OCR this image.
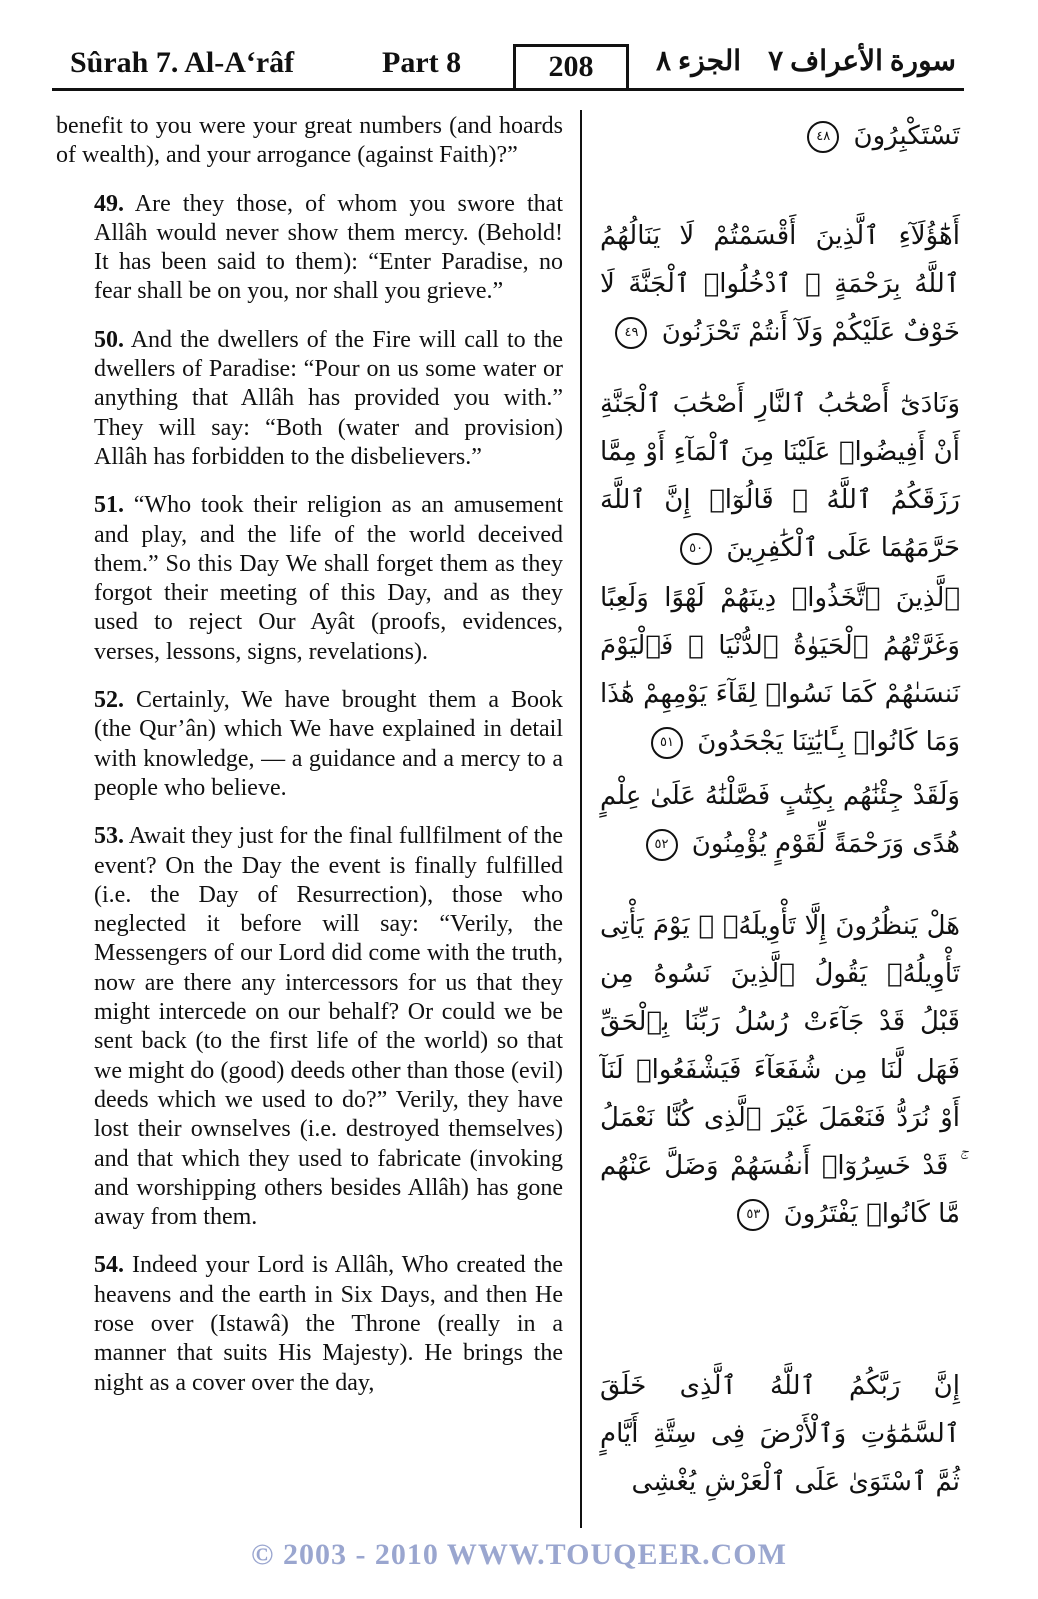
Sûrah 7. Al-A‘râf	Part 8	208	الجزء ٨ سورة الأعراف ٧

benefit to you were your great numbers (and hoards of wealth), and your arrogance (against Faith)?”

49. Are they those, of whom you swore that Allâh would never show them mercy. (Behold! It has been said to them): “Enter Paradise, no fear shall be on you, nor shall you grieve.”

50. And the dwellers of the Fire will call to the dwellers of Paradise: “Pour on us some water or anything that Allâh has provided you with.” They will say: “Both (water and provision) Allâh has forbidden to the disbelievers.”

51. “Who took their religion as an amusement and play, and the life of the world deceived them.” So this Day We shall forget them as they forgot their meeting of this Day, and as they used to reject Our Ayât (proofs, evidences, verses, lessons, signs, revelations).

52. Certainly, We have brought them a Book (the Qur’ân) which We have explained in detail with knowledge, — a guidance and a mercy to a people who believe.

53. Await they just for the final fullfilment of the event? On the Day the event is finally fulfilled (i.e. the Day of Resurrection), those who neglected it before will say: “Verily, the Messengers of our Lord did come with the truth, now are there any intercessors for us that they might intercede on our behalf? Or could we be sent back (to the first life of the world) so that we might do (good) deeds other than those (evil) deeds which we used to do?” Verily, they have lost their ownselves (i.e. destroyed themselves) and that which they used to fabricate (invoking and worshipping others besides Allâh) has gone away from them.

54. Indeed your Lord is Allâh, Who created the heavens and the earth in Six Days, and then He rose over (Istawâ) the Throne (really in a manner that suits His Majesty). He brings the night as a cover over the day,

تَسْتَكْبِرُونَ ٤٨
أَهَٰٓؤُلَآءِ ٱلَّذِينَ أَقْسَمْتُمْ لَا يَنَالُهُمُ ٱللَّهُ بِرَحْمَةٍ ۚ ٱدْخُلُوا۟ ٱلْجَنَّةَ لَا خَوْفٌ عَلَيْكُمْ وَلَآ أَنتُمْ تَحْزَنُونَ ٤٩
وَنَادَىٰٓ أَصْحَٰبُ ٱلنَّارِ أَصْحَٰبَ ٱلْجَنَّةِ أَنْ أَفِيضُوا۟ عَلَيْنَا مِنَ ٱلْمَآءِ أَوْ مِمَّا رَزَقَكُمُ ٱللَّهُ ۚ قَالُوٓا۟ إِنَّ ٱللَّهَ حَرَّمَهُمَا عَلَى ٱلْكَٰفِرِينَ ٥٠
ٱلَّذِينَ ٱتَّخَذُوا۟ دِينَهُمْ لَهْوًا وَلَعِبًا وَغَرَّتْهُمُ ٱلْحَيَوٰةُ ٱلدُّنْيَا ۚ فَٱلْيَوْمَ نَنسَىٰهُمْ كَمَا نَسُوا۟ لِقَآءَ يَوْمِهِمْ هَٰذَا وَمَا كَانُوا۟ بِـَٔايَٰتِنَا يَجْحَدُونَ ٥١
وَلَقَدْ جِئْنَٰهُم بِكِتَٰبٍ فَصَّلْنَٰهُ عَلَىٰ عِلْمٍ هُدًى وَرَحْمَةً لِّقَوْمٍ يُؤْمِنُونَ ٥٢
هَلْ يَنظُرُونَ إِلَّا تَأْوِيلَهُۥ ۚ يَوْمَ يَأْتِى تَأْوِيلُهُۥ يَقُولُ ٱلَّذِينَ نَسُوهُ مِن قَبْلُ قَدْ جَآءَتْ رُسُلُ رَبِّنَا بِٱلْحَقِّ فَهَل لَّنَا مِن شُفَعَآءَ فَيَشْفَعُوا۟ لَنَآ أَوْ نُرَدُّ فَنَعْمَلَ غَيْرَ ٱلَّذِى كُنَّا نَعْمَلُ ۚ قَدْ خَسِرُوٓا۟ أَنفُسَهُمْ وَضَلَّ عَنْهُم مَّا كَانُوا۟ يَفْتَرُونَ ٥٣
إِنَّ رَبَّكُمُ ٱللَّهُ ٱلَّذِى خَلَقَ ٱلسَّمَٰوَٰتِ وَٱلْأَرْضَ فِى سِتَّةِ أَيَّامٍ ثُمَّ ٱسْتَوَىٰ عَلَى ٱلْعَرْشِ يُغْشِى
© 2003 - 2010 WWW.TOUQEER.COM
